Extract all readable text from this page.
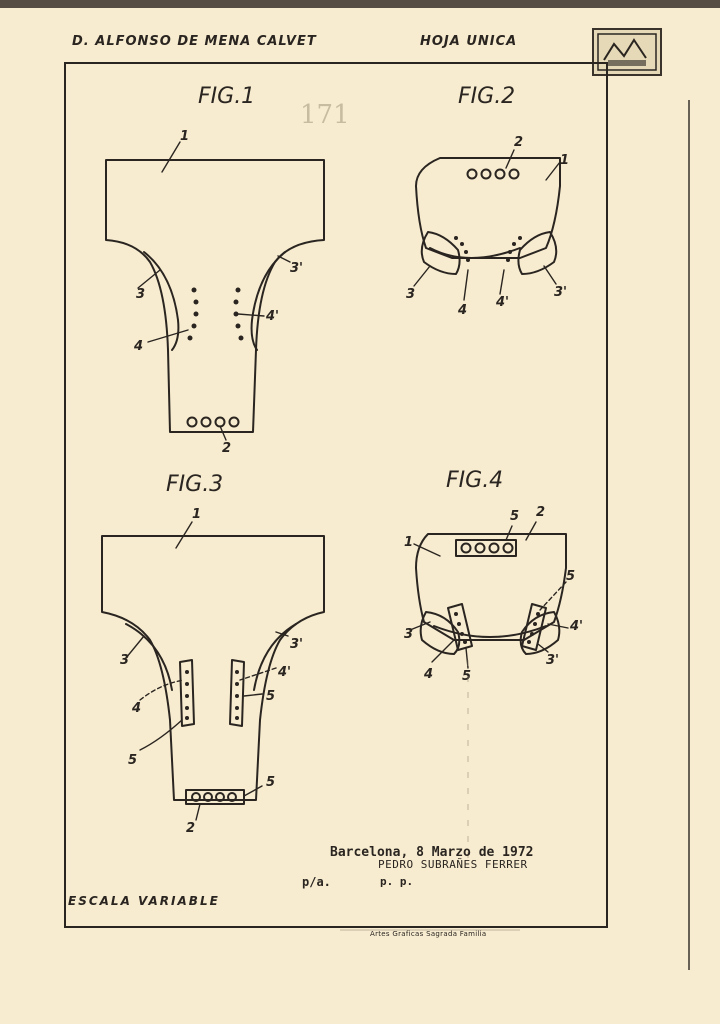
D. ALFONSO DE MENA CALVET	HOJA UNICA
171
FIG.1	FIG.2
FIG.3	FIG.4
1
3
3'
4
4'
2
2
1
3
4
4'
3'
1
3
3'
4'
4
5
5
5
2
5 2
1
5
4'
3
4 5
3'
ESCALA VARIABLE
Barcelona, 8 Marzo de 1972
PEDRO SUBRAÑES FERRER
p/a.	p. p.
Artes Graficas Sagrada Familia
